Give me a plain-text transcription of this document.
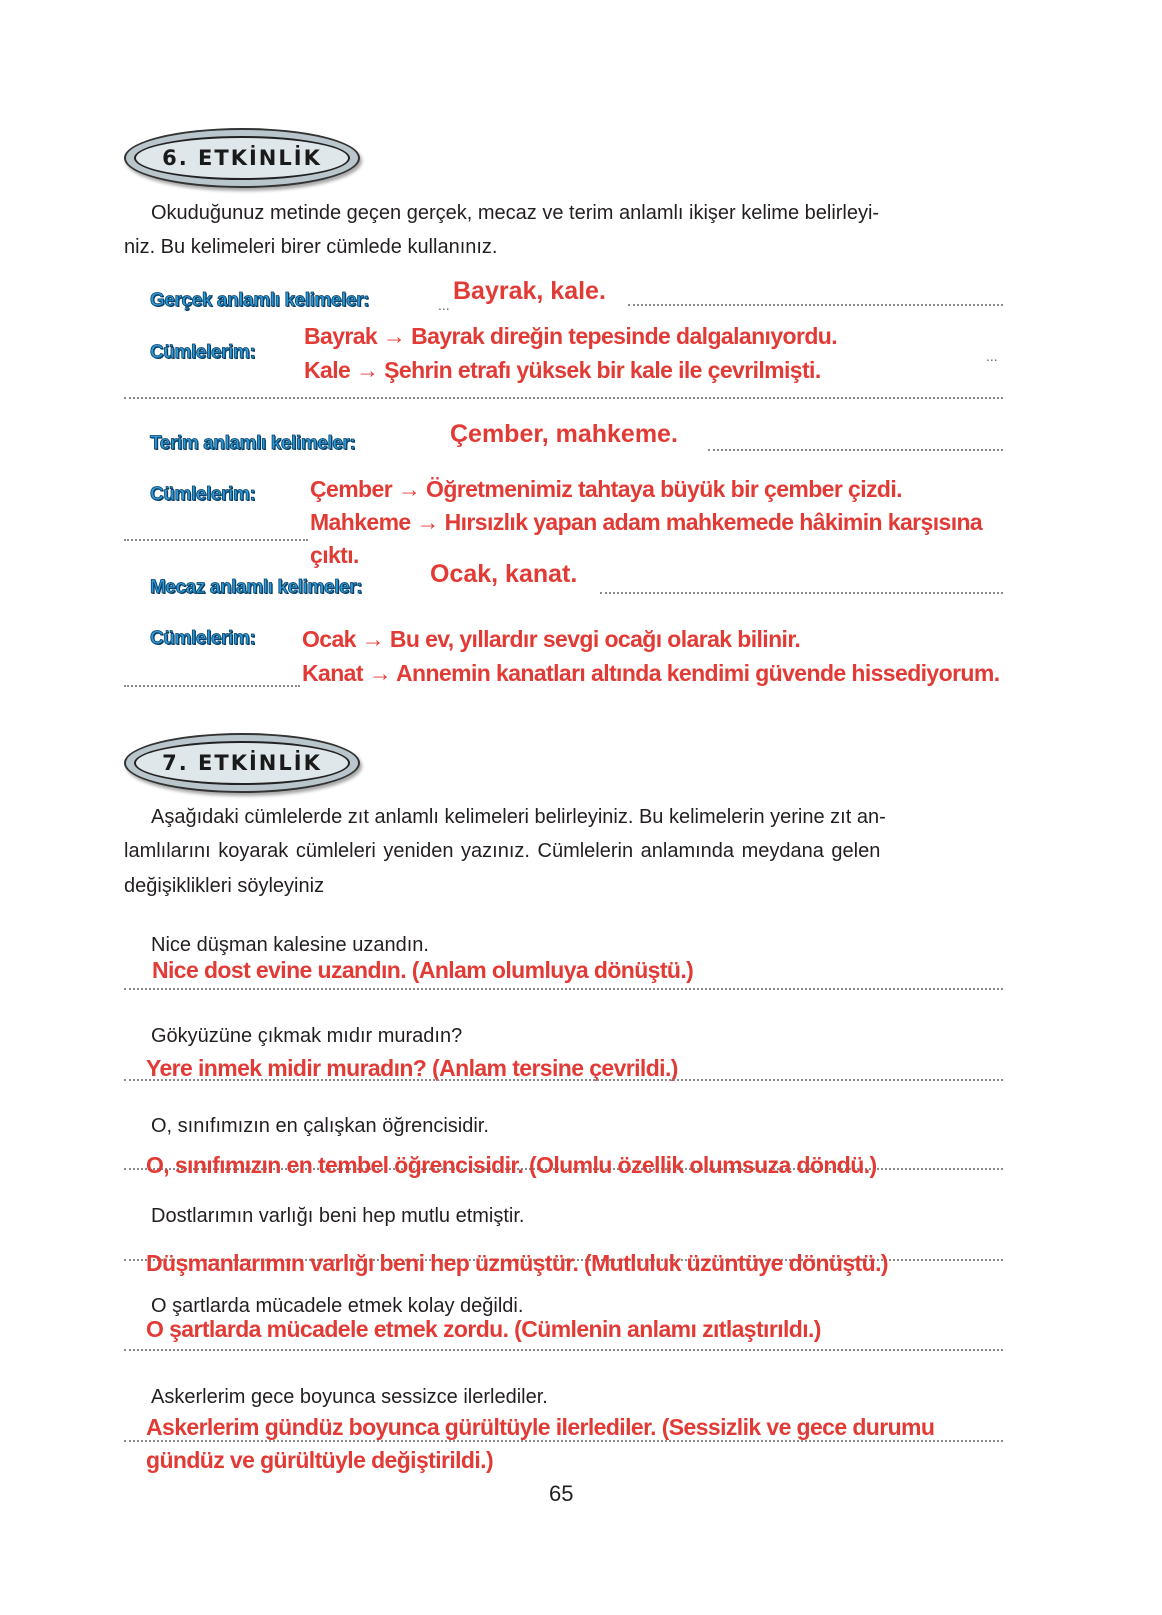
6. ETKİNLİK
Okuduğunuz metinde geçen gerçek, mecaz ve terim anlamlı ikişer kelime belirleyi-
niz. Bu kelimeleri birer cümlede kullanınız.
Gerçek anlamlı kelimeler:	... Bayrak, kale.
Cümlelerim:
Bayrak → Bayrak direğin tepesinde dalgalanıyordu.
Kale → Şehrin etrafı yüksek bir kale ile çevrilmişti.
...
Terim anlamlı kelimeler:	Çember, mahkeme.
Cümlelerim: Çember → Öğretmenimiz tahtaya büyük bir çember çizdi.
Mahkeme → Hırsızlık yapan adam mahkemede hâkimin karşısına
çıktı.
Mecaz anlamlı kelimeler:	Ocak, kanat.
Cümlelerim: Ocak → Bu ev, yıllardır sevgi ocağı olarak bilinir.
Kanat → Annemin kanatları altında kendimi güvende hissediyorum.
7. ETKİNLİK
Aşağıdaki cümlelerde zıt anlamlı kelimeleri belirleyiniz. Bu kelimelerin yerine zıt an-
lamlılarını koyarak cümleleri yeniden yazınız. Cümlelerin anlamında meydana gelen
değişiklikleri söyleyiniz
Nice düşman kalesine uzandın.
Nice dost evine uzandın. (Anlam olumluya dönüştü.)
Gökyüzüne çıkmak mıdır muradın?
Yere inmek midir muradın? (Anlam tersine çevrildi.)
O, sınıfımızın en çalışkan öğrencisidir.
O, sınıfımızın en tembel öğrencisidir. (Olumlu özellik olumsuza döndü.)
Dostlarımın varlığı beni hep mutlu etmiştir.
Düşmanlarımın varlığı beni hep üzmüştür. (Mutluluk üzüntüye dönüştü.)
O şartlarda mücadele etmek kolay değildi.
O şartlarda mücadele etmek zordu. (Cümlenin anlamı zıtlaştırıldı.)
Askerlerim gece boyunca sessizce ilerlediler.
Askerlerim gündüz boyunca gürültüyle ilerlediler. (Sessizlik ve gece durumu
gündüz ve gürültüyle değiştirildi.)
65
